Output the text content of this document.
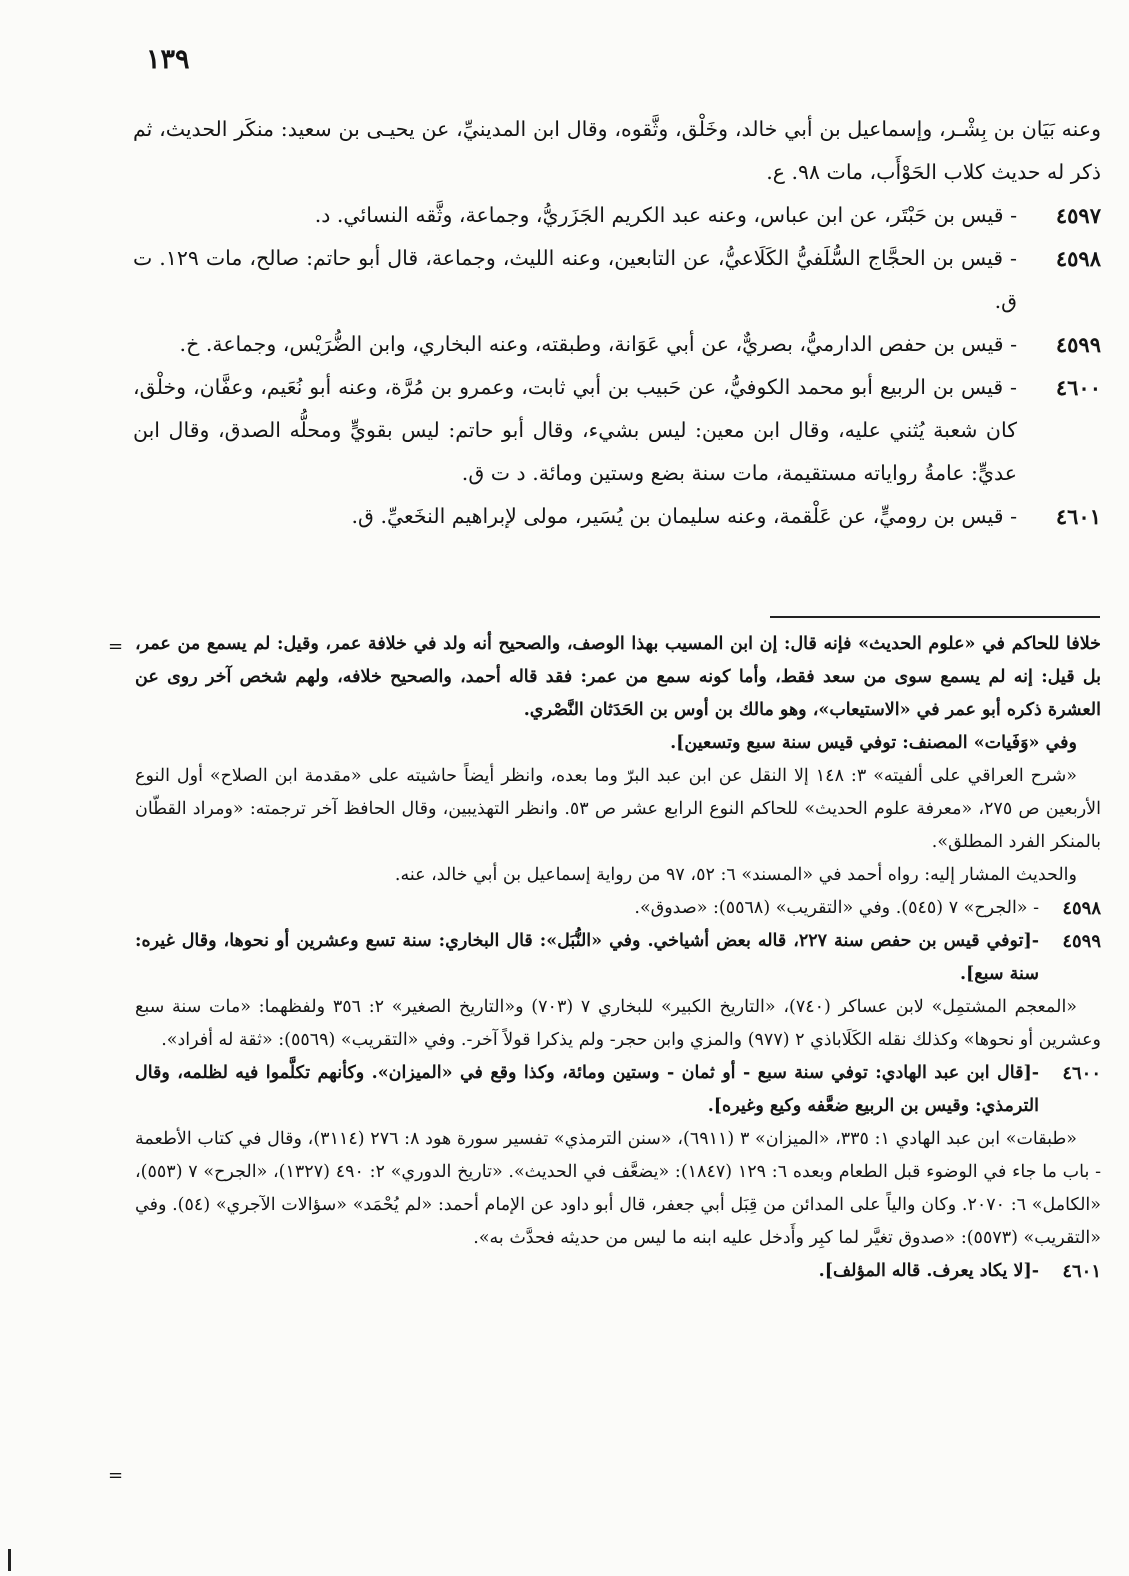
١٣٩
وعنه بَيَان بن بِشْـر، وإسماعيل بن أبي خالد، وخَلْق، وثَّقوه، وقال ابن المدينيِّ، عن يحيـى بن سعيد: منكَر الحديث، ثم ذكر له حديث كلاب الحَوْأَب، مات ٩٨. ع.
٤٥٩٧
- قيس بن حَبْتَر، عن ابن عباس، وعنه عبد الكريم الجَزَريُّ، وجماعة، وثَّقه النسائي. د.
٤٥٩٨
- قيس بن الحجَّاج السُّلَفيُّ الكَلَاعيُّ، عن التابعين، وعنه الليث، وجماعة، قال أبو حاتم: صالح، مات ١٢٩. ت ق.
٤٥٩٩
- قيس بن حفص الدارميُّ، بصريٌّ، عن أبي عَوَانة، وطبقته، وعنه البخاري، وابن الضُّرَيْس، وجماعة. خ.
٤٦٠٠
- قيس بن الربيع أبو محمد الكوفيُّ، عن حَبيب بن أبي ثابت، وعمرو بن مُرَّة، وعنه أبو نُعَيم، وعفَّان، وخلْق، كان شعبة يُثني عليه، وقال ابن معين: ليس بشيء، وقال أبو حاتم: ليس بقويٍّ ومحلُّه الصدق، وقال ابن عديٍّ: عامةُ رواياته مستقيمة، مات سنة بضع وستين ومائة. د ت ق.
٤٦٠١
- قيس بن روميٍّ، عن عَلْقمة، وعنه سليمان بن يُسَير، مولى لإبراهيم النخَعيِّ. ق.
= خلافا للحاكم في «علوم الحديث» فإنه قال: إن ابن المسيب بهذا الوصف، والصحيح أنه ولد في خلافة عمر، وقيل: لم يسمع من عمر، بل قيل: إنه لم يسمع سوى من سعد فقط، وأما كونه سمع من عمر: فقد قاله أحمد، والصحيح خلافه، ولهم شخص آخر روى عن العشرة ذكره أبو عمر في «الاستيعاب»، وهو مالك بن أوس بن الحَدَثان النَّصْري.
وفي «وَفَيات» المصنف: توفي قيس سنة سبع وتسعين].
«شرح العراقي على ألفيته» ٣: ١٤٨ إلا النقل عن ابن عبد البرّ وما بعده، وانظر أيضاً حاشيته على «مقدمة ابن الصلاح» أول النوع الأربعين ص ٢٧٥، «معرفة علوم الحديث» للحاكم النوع الرابع عشر ص ٥٣. وانظر التهذيبين، وقال الحافظ آخر ترجمته: «ومراد القطّان بالمنكر الفرد المطلق».
والحديث المشار إليه: رواه أحمد في «المسند» ٦: ٥٢، ٩٧ من رواية إسماعيل بن أبي خالد، عنه.
٤٥٩٨
- «الجرح» ٧ (٥٤٥). وفي «التقريب» (٥٥٦٨): «صدوق».
٤٥٩٩
-[توفي قيس بن حفص سنة ٢٢٧، قاله بعض أشياخي. وفي «النُّبَل»: قال البخاري: سنة تسع وعشرين أو نحوها، وقال غيره: سنة سبع].
«المعجم المشتمِل» لابن عساكر (٧٤٠)، «التاريخ الكبير» للبخاري ٧ (٧٠٣) و«التاريخ الصغير» ٢: ٣٥٦ ولفظهما: «مات سنة سبع وعشرين أو نحوها» وكذلك نقله الكَلَاباذي ٢ (٩٧٧) والمزي وابن حجر- ولم يذكرا قولاً آخر-. وفي «التقريب» (٥٥٦٩): «ثقة له أفراد».
٤٦٠٠
-[قال ابن عبد الهادي: توفي سنة سبع - أو ثمان - وستين ومائة، وكذا وقع في «الميزان». وكأنهم تكلَّموا فيه لظلمه، وقال الترمذي: وقيس بن الربيع ضعَّفه وكيع وغيره].
«طبقات» ابن عبد الهادي ١: ٣٣٥، «الميزان» ٣ (٦٩١١)، «سنن الترمذي» تفسير سورة هود ٨: ٢٧٦ (٣١١٤)، وقال في كتاب الأطعمة - باب ما جاء في الوضوء قبل الطعام وبعده ٦: ١٢٩ (١٨٤٧): «يضعَّف في الحديث». «تاريخ الدوري» ٢: ٤٩٠ (١٣٢٧)، «الجرح» ٧ (٥٥٣)، «الكامل» ٦: ٢٠٧٠. وكان والياً على المدائن من قِبَل أبي جعفر، قال أبو داود عن الإمام أحمد: «لم يُحْمَد» «سؤالات الآجري» (٥٤). وفي «التقريب» (٥٥٧٣): «صدوق تغيَّر لما كبِر وأَدخل عليه ابنه ما ليس من حديثه فحدَّث به».
٤٦٠١
-[لا يكاد يعرف. قاله المؤلف].
=
